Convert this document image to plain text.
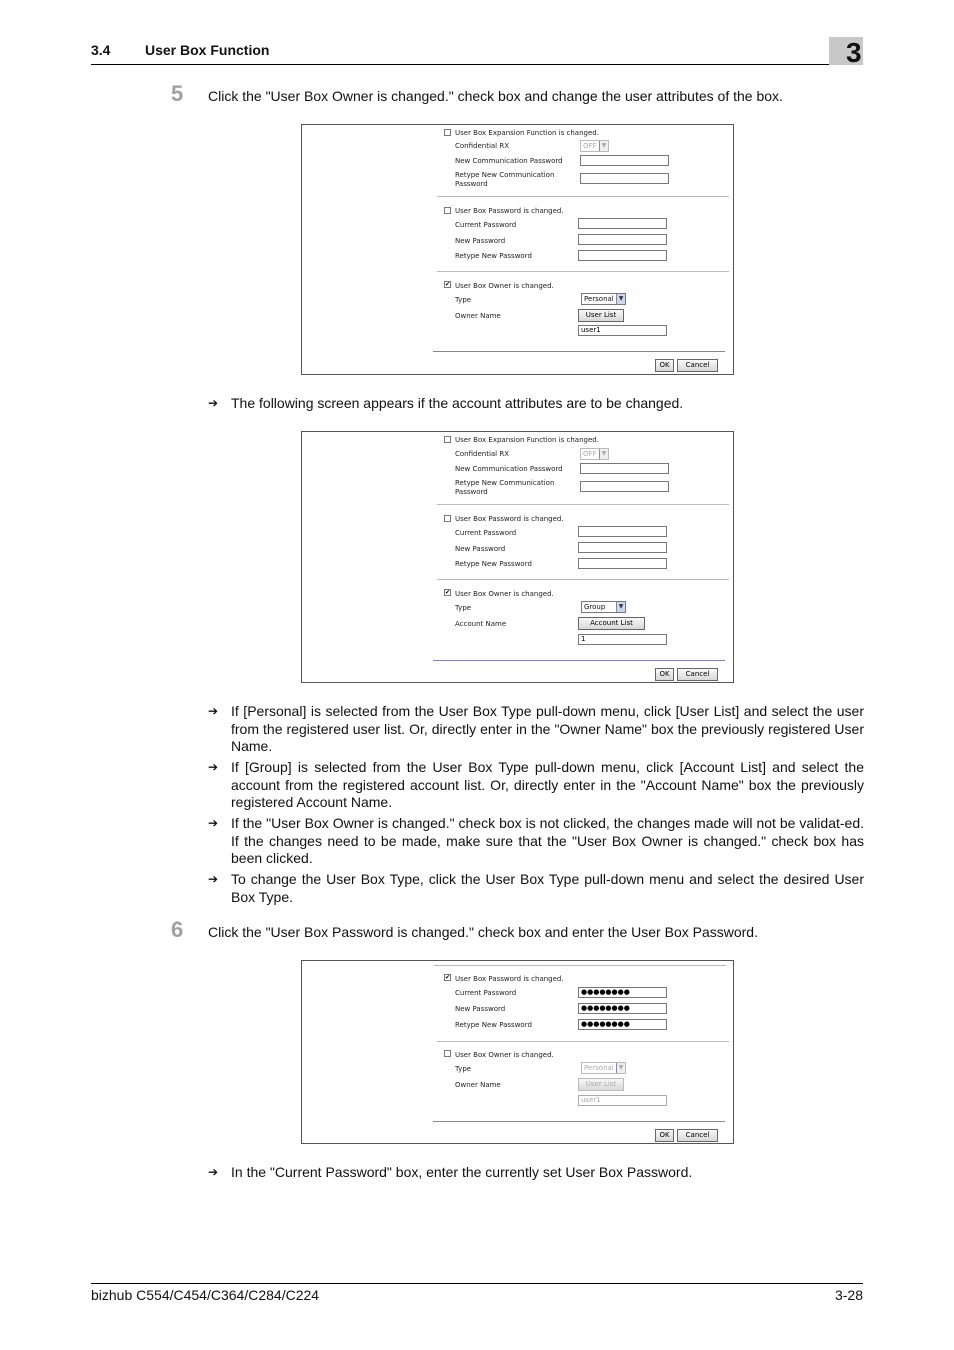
3.4 User Box Function	3
5 Click the "User Box Owner is changed." check box and change the user attributes of the box.
User Box Expansion Function is changed.
Confidential RX	OFF ▼
New Communication Password
Retype New Communication
Password
User Box Password is changed.
Current Password
New Password
Retype New Password
✔ User Box Owner is changed.
Type	Personal ▼
Owner Name	User List
user1
OK	Cancel
➔ The following screen appears if the account attributes are to be changed.
User Box Expansion Function is changed.
Confidential RX	OFF ▼
New Communication Password
Retype New Communication
Password
User Box Password is changed.
Current Password
New Password
Retype New Password
✔ User Box Owner is changed.
Type	Group	▼
Account Name	Account List
1
OK	Cancel
➔ If [Personal] is selected from the User Box Type pull-down menu, click [User List] and select the user from the registered user list. Or, directly enter in the "Owner Name" box the previously registered User Name.
➔ If [Group] is selected from the User Box Type pull-down menu, click [Account List] and select the account from the registered account list. Or, directly enter in the "Account Name" box the previously registered Account Name.
➔ If the "User Box Owner is changed." check box is not clicked, the changes made will not be validat-ed. If the changes need to be made, make sure that the "User Box Owner is changed." check box has been clicked.
➔ To change the User Box Type, click the User Box Type pull-down menu and select the desired User Box Type.
6 Click the "User Box Password is changed." check box and enter the User Box Password.
✔ User Box Password is changed.
Current Password	●●●●●●●●
New Password	●●●●●●●●
Retype New Password	●●●●●●●●
User Box Owner is changed.
Type	Personal ▼
Owner Name	User List
user1
OK	Cancel
➔ In the "Current Password" box, enter the currently set User Box Password.
bizhub C554/C454/C364/C284/C224	3-28
